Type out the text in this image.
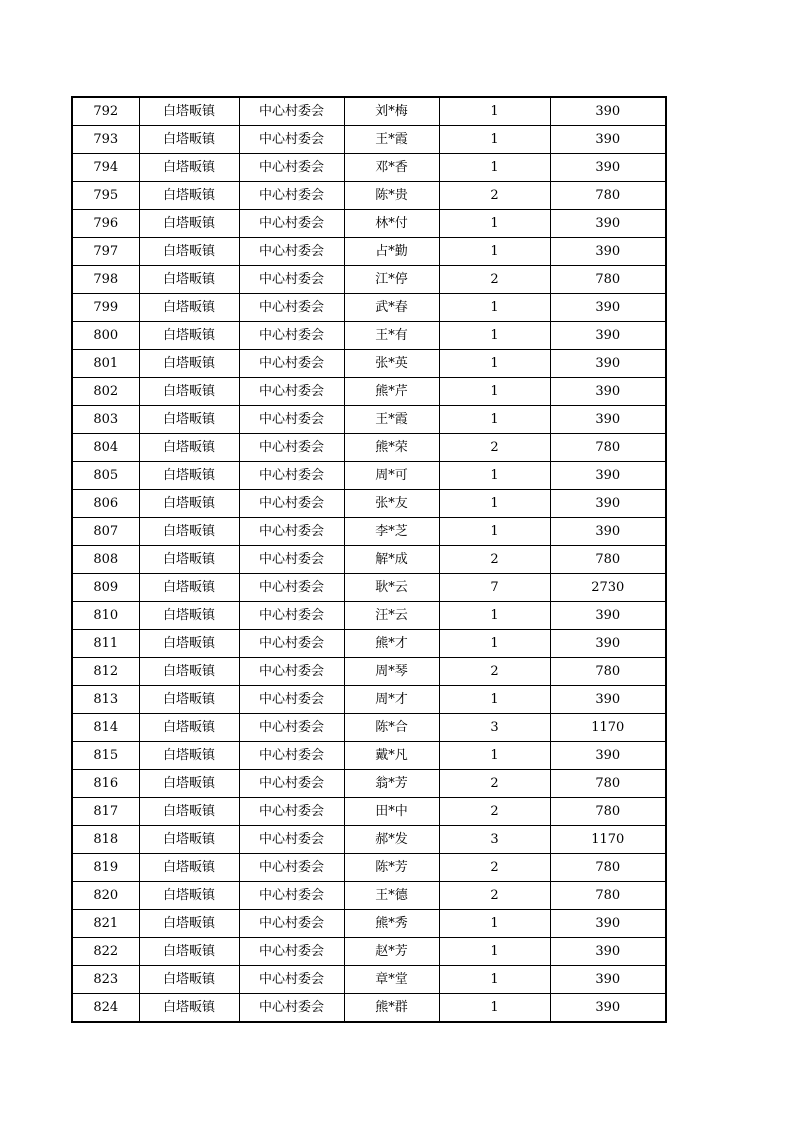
792	白塔畈镇	中心村委会	刘*梅	1	390
793	白塔畈镇	中心村委会	王*霞	1	390
794	白塔畈镇	中心村委会	邓*香	1	390
795	白塔畈镇	中心村委会	陈*贵	2	780
796	白塔畈镇	中心村委会	林*付	1	390
797	白塔畈镇	中心村委会	占*勤	1	390
798	白塔畈镇	中心村委会	江*停	2	780
799	白塔畈镇	中心村委会	武*春	1	390
800	白塔畈镇	中心村委会	王*有	1	390
801	白塔畈镇	中心村委会	张*英	1	390
802	白塔畈镇	中心村委会	熊*芹	1	390
803	白塔畈镇	中心村委会	王*霞	1	390
804	白塔畈镇	中心村委会	熊*荣	2	780
805	白塔畈镇	中心村委会	周*可	1	390
806	白塔畈镇	中心村委会	张*友	1	390
807	白塔畈镇	中心村委会	李*芝	1	390
808	白塔畈镇	中心村委会	解*成	2	780
809	白塔畈镇	中心村委会	耿*云	7	2730
810	白塔畈镇	中心村委会	汪*云	1	390
811	白塔畈镇	中心村委会	熊*才	1	390
812	白塔畈镇	中心村委会	周*琴	2	780
813	白塔畈镇	中心村委会	周*才	1	390
814	白塔畈镇	中心村委会	陈*合	3	1170
815	白塔畈镇	中心村委会	戴*凡	1	390
816	白塔畈镇	中心村委会	翁*芳	2	780
817	白塔畈镇	中心村委会	田*中	2	780
818	白塔畈镇	中心村委会	郝*发	3	1170
819	白塔畈镇	中心村委会	陈*芳	2	780
820	白塔畈镇	中心村委会	王*德	2	780
821	白塔畈镇	中心村委会	熊*秀	1	390
822	白塔畈镇	中心村委会	赵*芳	1	390
823	白塔畈镇	中心村委会	章*堂	1	390
824	白塔畈镇	中心村委会	熊*群	1	390
